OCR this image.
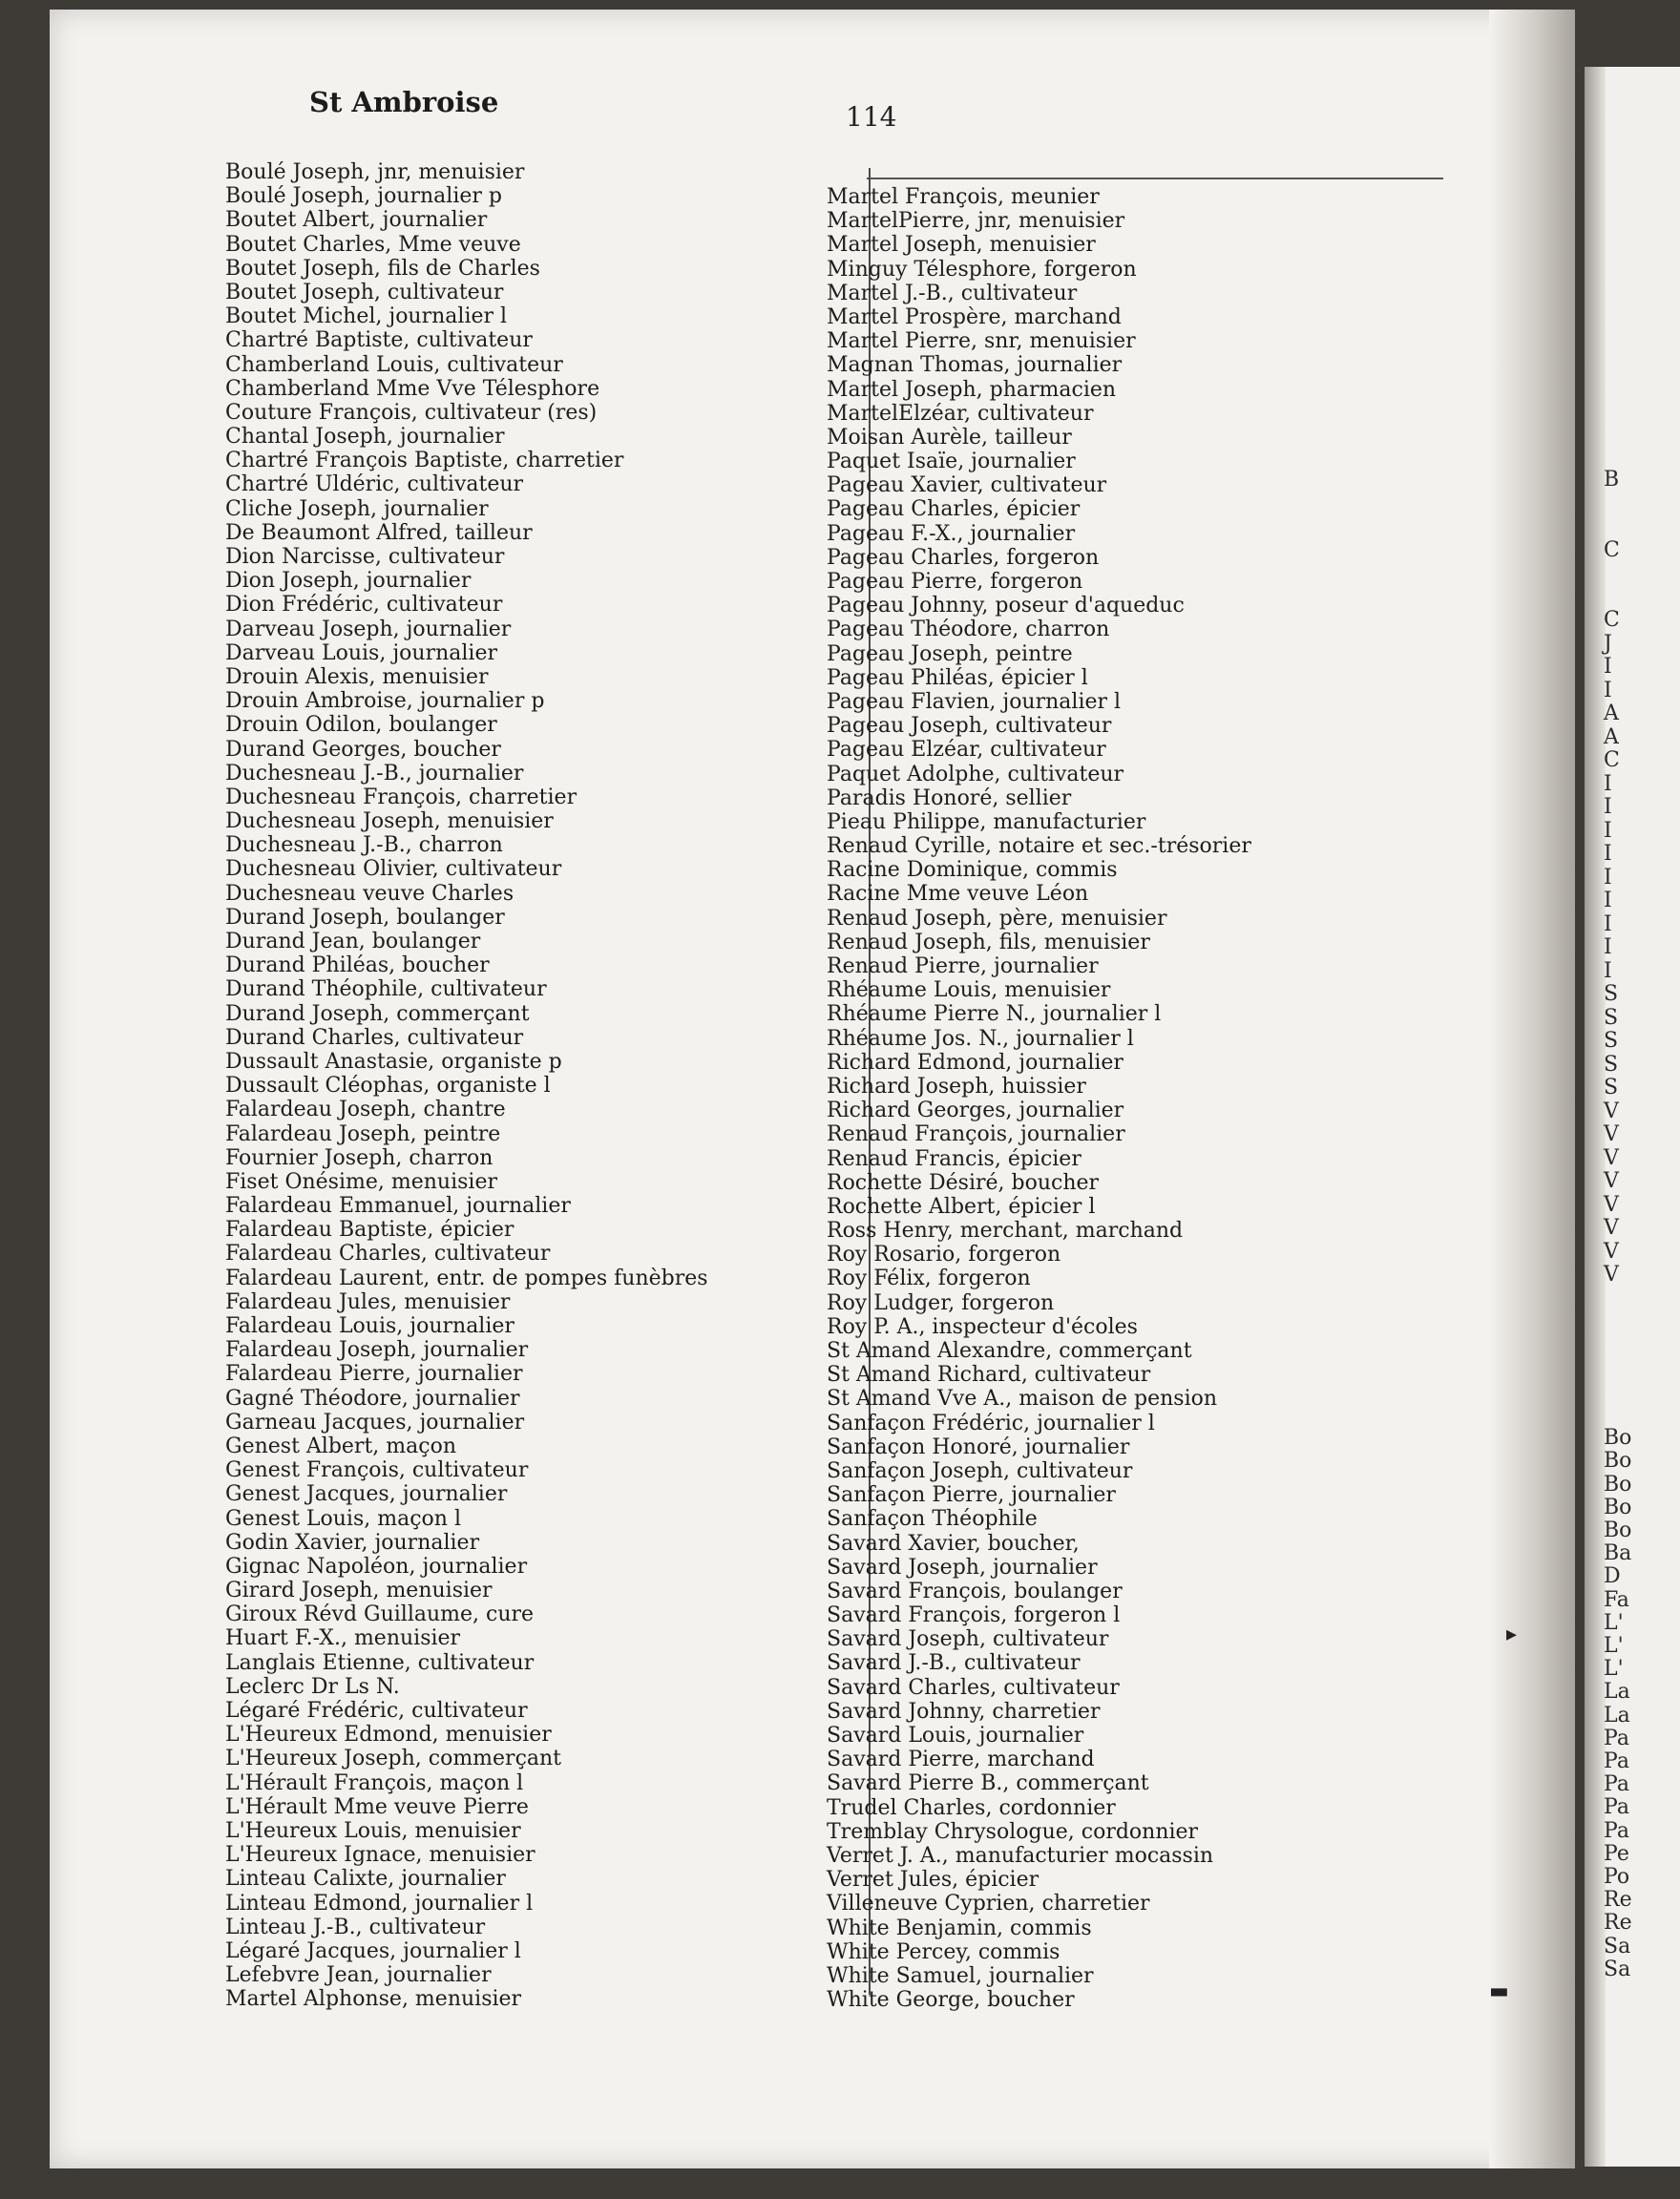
B
C
C
J
I
I
A
A
C
I
I
I
I
I
I
I
I
I
S
S
S
S
S
V
V
V
V
V
V
V
V
Bo
Bo
Bo
Bo
Bo
Ba
D
Fa
L'
L'
L'
La
La
Pa
Pa
Pa
Pa
Pa
Pe
Po
Re
Re
Sa
Sa
St Ambroise	114
Boulé Joseph, jnr, menuisier
Boulé Joseph, journalier p
Boutet Albert, journalier
Boutet Charles, Mme veuve
Boutet Joseph, fils de Charles
Boutet Joseph, cultivateur
Boutet Michel, journalier l
Chartré Baptiste, cultivateur
Chamberland Louis, cultivateur
Chamberland Mme Vve Télesphore
Couture François, cultivateur (res)
Chantal Joseph, journalier
Chartré François Baptiste, charretier
Chartré Uldéric, cultivateur
Cliche Joseph, journalier
De Beaumont Alfred, tailleur
Dion Narcisse, cultivateur
Dion Joseph, journalier
Dion Frédéric, cultivateur
Darveau Joseph, journalier
Darveau Louis, journalier
Drouin Alexis, menuisier
Drouin Ambroise, journalier p
Drouin Odilon, boulanger
Durand Georges, boucher
Duchesneau J.-B., journalier
Duchesneau François, charretier
Duchesneau Joseph, menuisier
Duchesneau J.-B., charron
Duchesneau Olivier, cultivateur
Duchesneau veuve Charles
Durand Joseph, boulanger
Durand Jean, boulanger
Durand Philéas, boucher
Durand Théophile, cultivateur
Durand Joseph, commerçant
Durand Charles, cultivateur
Dussault Anastasie, organiste p
Dussault Cléophas, organiste l
Falardeau Joseph, chantre
Falardeau Joseph, peintre
Fournier Joseph, charron
Fiset Onésime, menuisier
Falardeau Emmanuel, journalier
Falardeau Baptiste, épicier
Falardeau Charles, cultivateur
Falardeau Laurent, entr. de pompes funèbres
Falardeau Jules, menuisier
Falardeau Louis, journalier
Falardeau Joseph, journalier
Falardeau Pierre, journalier
Gagné Théodore, journalier
Garneau Jacques, journalier
Genest Albert, maçon
Genest François, cultivateur
Genest Jacques, journalier
Genest Louis, maçon l
Godin Xavier, journalier
Gignac Napoléon, journalier
Girard Joseph, menuisier
Giroux Révd Guillaume, cure
Huart F.-X., menuisier
Langlais Etienne, cultivateur
Leclerc Dr Ls N.
Légaré Frédéric, cultivateur
L'Heureux Edmond, menuisier
L'Heureux Joseph, commerçant
L'Hérault François, maçon l
L'Hérault Mme veuve Pierre
L'Heureux Louis, menuisier
L'Heureux Ignace, menuisier
Linteau Calixte, journalier
Linteau Edmond, journalier l
Linteau J.-B., cultivateur
Légaré Jacques, journalier l
Lefebvre Jean, journalier
Martel Alphonse, menuisier
Martel François, meunier
MartelPierre, jnr, menuisier
Martel Joseph, menuisier
Minguy Télesphore, forgeron
Martel J.-B., cultivateur
Martel Prospère, marchand
Martel Pierre, snr, menuisier
Magnan Thomas, journalier
Martel Joseph, pharmacien
MartelElzéar, cultivateur
Moisan Aurèle, tailleur
Paquet Isaïe, journalier
Pageau Xavier, cultivateur
Pageau Charles, épicier
Pageau F.-X., journalier
Pageau Charles, forgeron
Pageau Pierre, forgeron
Pageau Johnny, poseur d'aqueduc
Pageau Théodore, charron
Pageau Joseph, peintre
Pageau Philéas, épicier l
Pageau Flavien, journalier l
Pageau Joseph, cultivateur
Pageau Elzéar, cultivateur
Paquet Adolphe, cultivateur
Paradis Honoré, sellier
Pieau Philippe, manufacturier
Renaud Cyrille, notaire et sec.-trésorier
Racine Dominique, commis
Racine Mme veuve Léon
Renaud Joseph, père, menuisier
Renaud Joseph, fils, menuisier
Renaud Pierre, journalier
Rhéaume Louis, menuisier
Rhéaume Pierre N., journalier l
Rhéaume Jos. N., journalier l
Richard Edmond, journalier
Richard Joseph, huissier
Richard Georges, journalier
Renaud François, journalier
Renaud Francis, épicier
Rochette Désiré, boucher
Rochette Albert, épicier l
Ross Henry, merchant, marchand
Roy Rosario, forgeron
Roy Félix, forgeron
Roy Ludger, forgeron
Roy P. A., inspecteur d'écoles
St Amand Alexandre, commerçant
St Amand Richard, cultivateur
St Amand Vve A., maison de pension
Sanfaçon Frédéric, journalier l
Sanfaçon Honoré, journalier
Sanfaçon Joseph, cultivateur
Sanfaçon Pierre, journalier
Sanfaçon Théophile
Savard Xavier, boucher,
Savard Joseph, journalier
Savard François, boulanger
Savard François, forgeron l
Savard Joseph, cultivateur
Savard J.-B., cultivateur
Savard Charles, cultivateur
Savard Johnny, charretier
Savard Louis, journalier
Savard Pierre, marchand
Savard Pierre B., commerçant
Trudel Charles, cordonnier
Tremblay Chrysologue, cordonnier
Verret J. A., manufacturier mocassin
Verret Jules, épicier
Villeneuve Cyprien, charretier
White Benjamin, commis
White Percey, commis
White Samuel, journalier
White George, boucher
▸
▬
